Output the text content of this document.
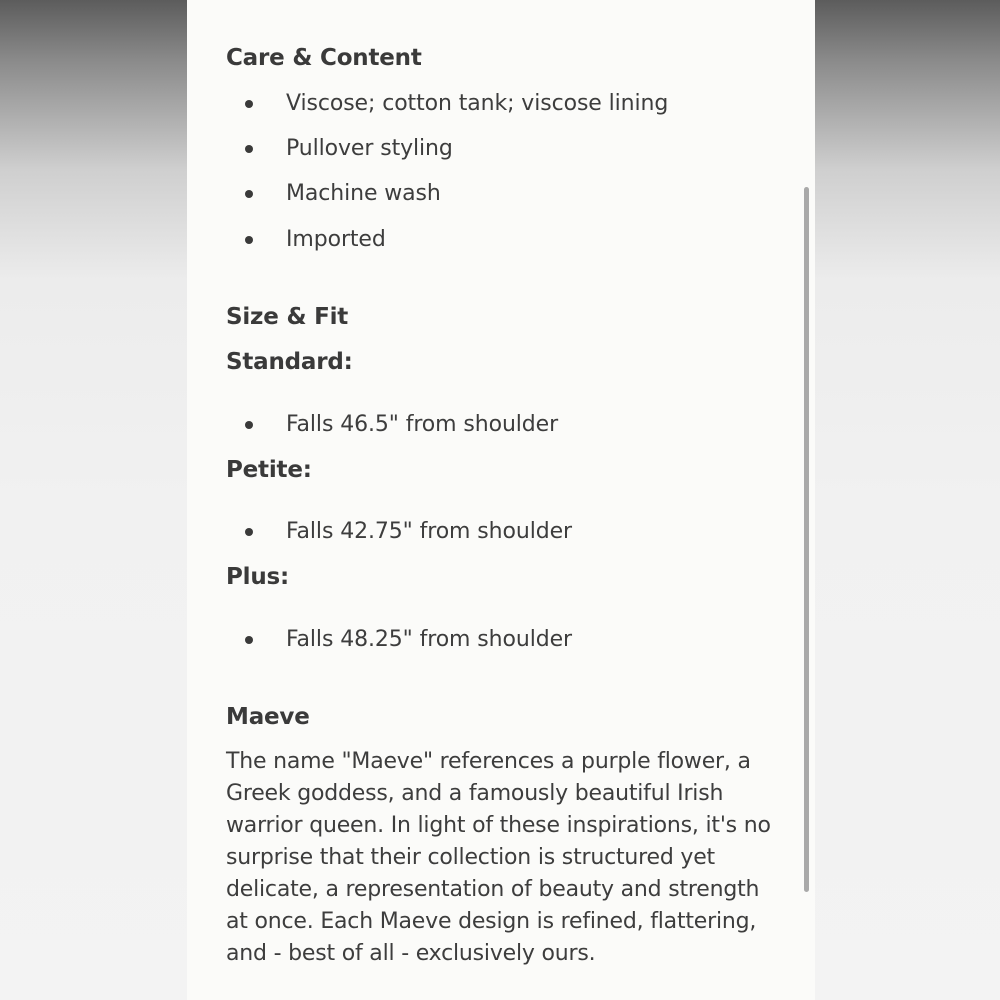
Care & Content
Viscose; cotton tank; viscose lining
Pullover styling
Machine wash
Imported
Size & Fit
Standard:
Falls 46.5" from shoulder
Petite:
Falls 42.75" from shoulder
Plus:
Falls 48.25" from shoulder
Maeve
The name "Maeve" references a purple flower, a Greek goddess, and a famously beautiful Irish warrior queen. In light of these inspirations, it's no surprise that their collection is structured yet delicate, a representation of beauty and strength at once. Each Maeve design is refined, flattering, and - best of all - exclusively ours.
